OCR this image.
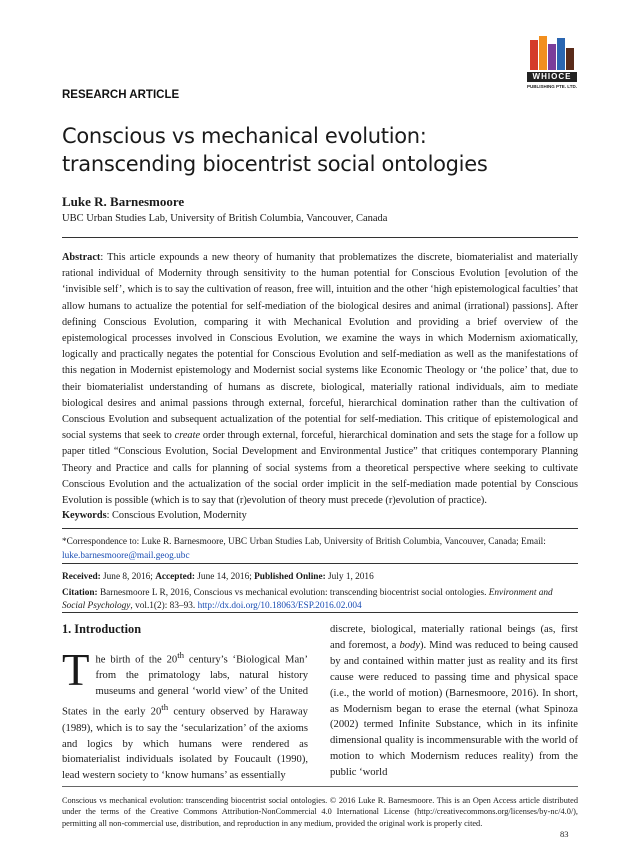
WHIOCE
PUBLISHING PTE. LTD.
RESEARCH ARTICLE
Conscious vs mechanical evolution:
transcending biocentrist social ontologies
Luke R. Barnesmoore
UBC Urban Studies Lab, University of British Columbia, Vancouver, Canada
Abstract: This article expounds a new theory of humanity that problematizes the discrete, biomaterialist and materially rational individual of Modernity through sensitivity to the human potential for Conscious Evolution [evolution of the ‘invisible self’, which is to say the cultivation of reason, free will, intuition and the other ‘high epistemological faculties’ that allow humans to actualize the potential for self-mediation of the biological desires and animal (irrational) passions]. After defining Conscious Evolution, comparing it with Mechanical Evolution and providing a brief overview of the epistemological processes involved in Conscious Evolution, we examine the ways in which Modernism axiomatically, logically and practically negates the potential for Conscious Evolution and self-mediation as well as the manifestations of this negation in Modernist epistemology and Modernist social systems like Economic Theology or ‘the police’ that, due to their biomaterialist understanding of humans as discrete, biological, materially rational individuals, aim to mediate biological desires and animal passions through external, forceful, hierarchical domination rather than the cultivation of Conscious Evolution and subsequent actualization of the potential for self-mediation. This critique of epistemological and social systems that seek to create order through external, forceful, hierarchical domination and sets the stage for a follow up paper titled “Conscious Evolution, Social Development and Environmental Justice” that critiques contemporary Planning Theory and Practice and calls for planning of social systems from a theoretical perspective where seeking to cultivate Conscious Evolution and the actualization of the social order implicit in the self-mediation made potential by Conscious Evolution is possible (which is to say that (r)evolution of theory must precede (r)evolution of practice).
Keywords: Conscious Evolution, Modernity
*Correspondence to: Luke R. Barnesmoore, UBC Urban Studies Lab, University of British Columbia, Vancouver, Canada; Email:
luke.barnesmoore@mail.geog.ubc
Received: June 8, 2016; Accepted: June 14, 2016; Published Online: July 1, 2016
Citation: Barnesmoore L R, 2016, Conscious vs mechanical evolution: transcending biocentrist social ontologies. Environment and Social Psychology, vol.1(2): 83–93. http://dx.doi.org/10.18063/ESP.2016.02.004
1. Introduction
The birth of the 20th century’s ‘Biological Man’ from the primatology labs, natural history museums and general ‘world view’ of the United States in the early 20th century observed by Haraway (1989), which is to say the ‘secularization’ of the axioms and logics by which humans were rendered as biomaterialist individuals isolated by Foucault (1990), lead western society to ‘know humans’ as essentially
discrete, biological, materially rational beings (as, first and foremost, a body). Mind was reduced to being caused by and contained within matter just as reality and its first cause were reduced to passing time and physical space (i.e., the world of motion) (Barnesmoore, 2016). In short, as Modernism began to erase the eternal (what Spinoza (2002) termed Infinite Substance, which in its infinite dimensional quality is incommensurable with the world of motion to which Modernism reduces reality) from the public ‘world
Conscious vs mechanical evolution: transcending biocentrist social ontologies. © 2016 Luke R. Barnesmoore. This is an Open Access article distributed under the terms of the Creative Commons Attribution-NonCommercial 4.0 International License (http://creativecommons.org/licenses/by-nc/4.0/), permitting all non-commercial use, distribution, and reproduction in any medium, provided the original work is properly cited.
83
